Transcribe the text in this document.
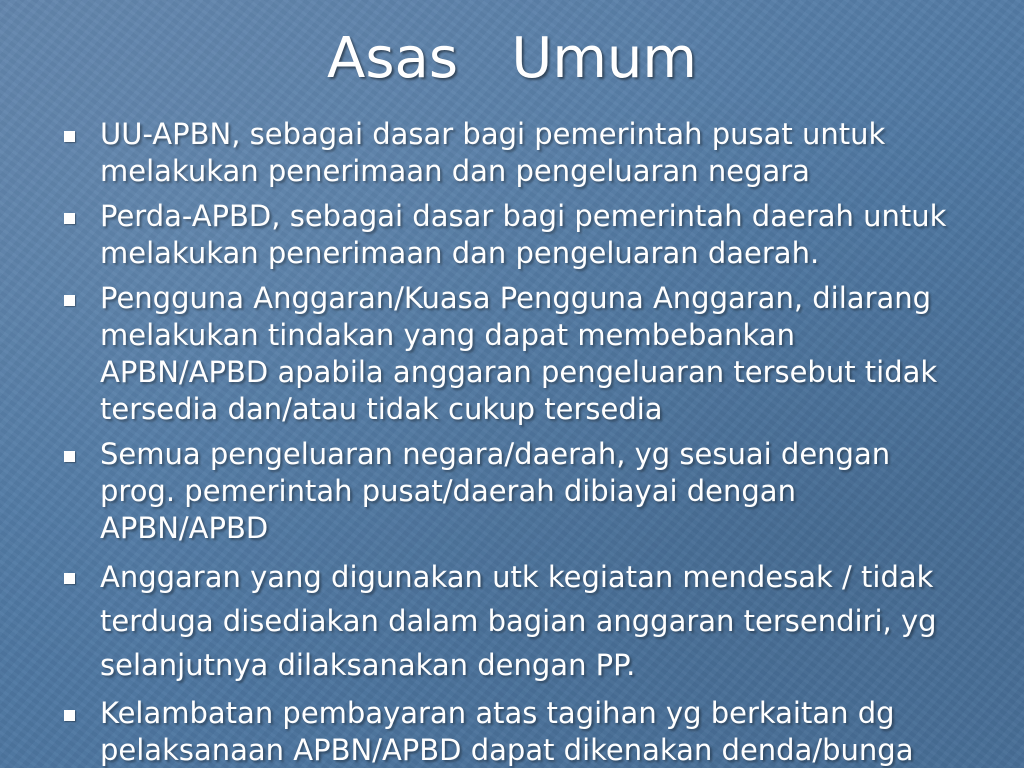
Asas   Umum
UU-APBN, sebagai dasar bagi pemerintah pusat untuk melakukan penerimaan dan pengeluaran negara
Perda-APBD, sebagai dasar bagi pemerintah daerah untuk melakukan penerimaan dan pengeluaran daerah.
Pengguna Anggaran/Kuasa Pengguna Anggaran, dilarang melakukan tindakan yang dapat membebankan APBN/APBD apabila anggaran pengeluaran tersebut tidak tersedia dan/atau tidak cukup tersedia
Semua pengeluaran negara/daerah, yg sesuai dengan prog. pemerintah pusat/daerah dibiayai dengan APBN/APBD
Anggaran yang digunakan utk kegiatan mendesak / tidak terduga disediakan dalam bagian anggaran tersendiri, yg selanjutnya dilaksanakan dengan PP.
Kelambatan pembayaran atas tagihan yg berkaitan dg pelaksanaan APBN/APBD dapat dikenakan denda/bunga
